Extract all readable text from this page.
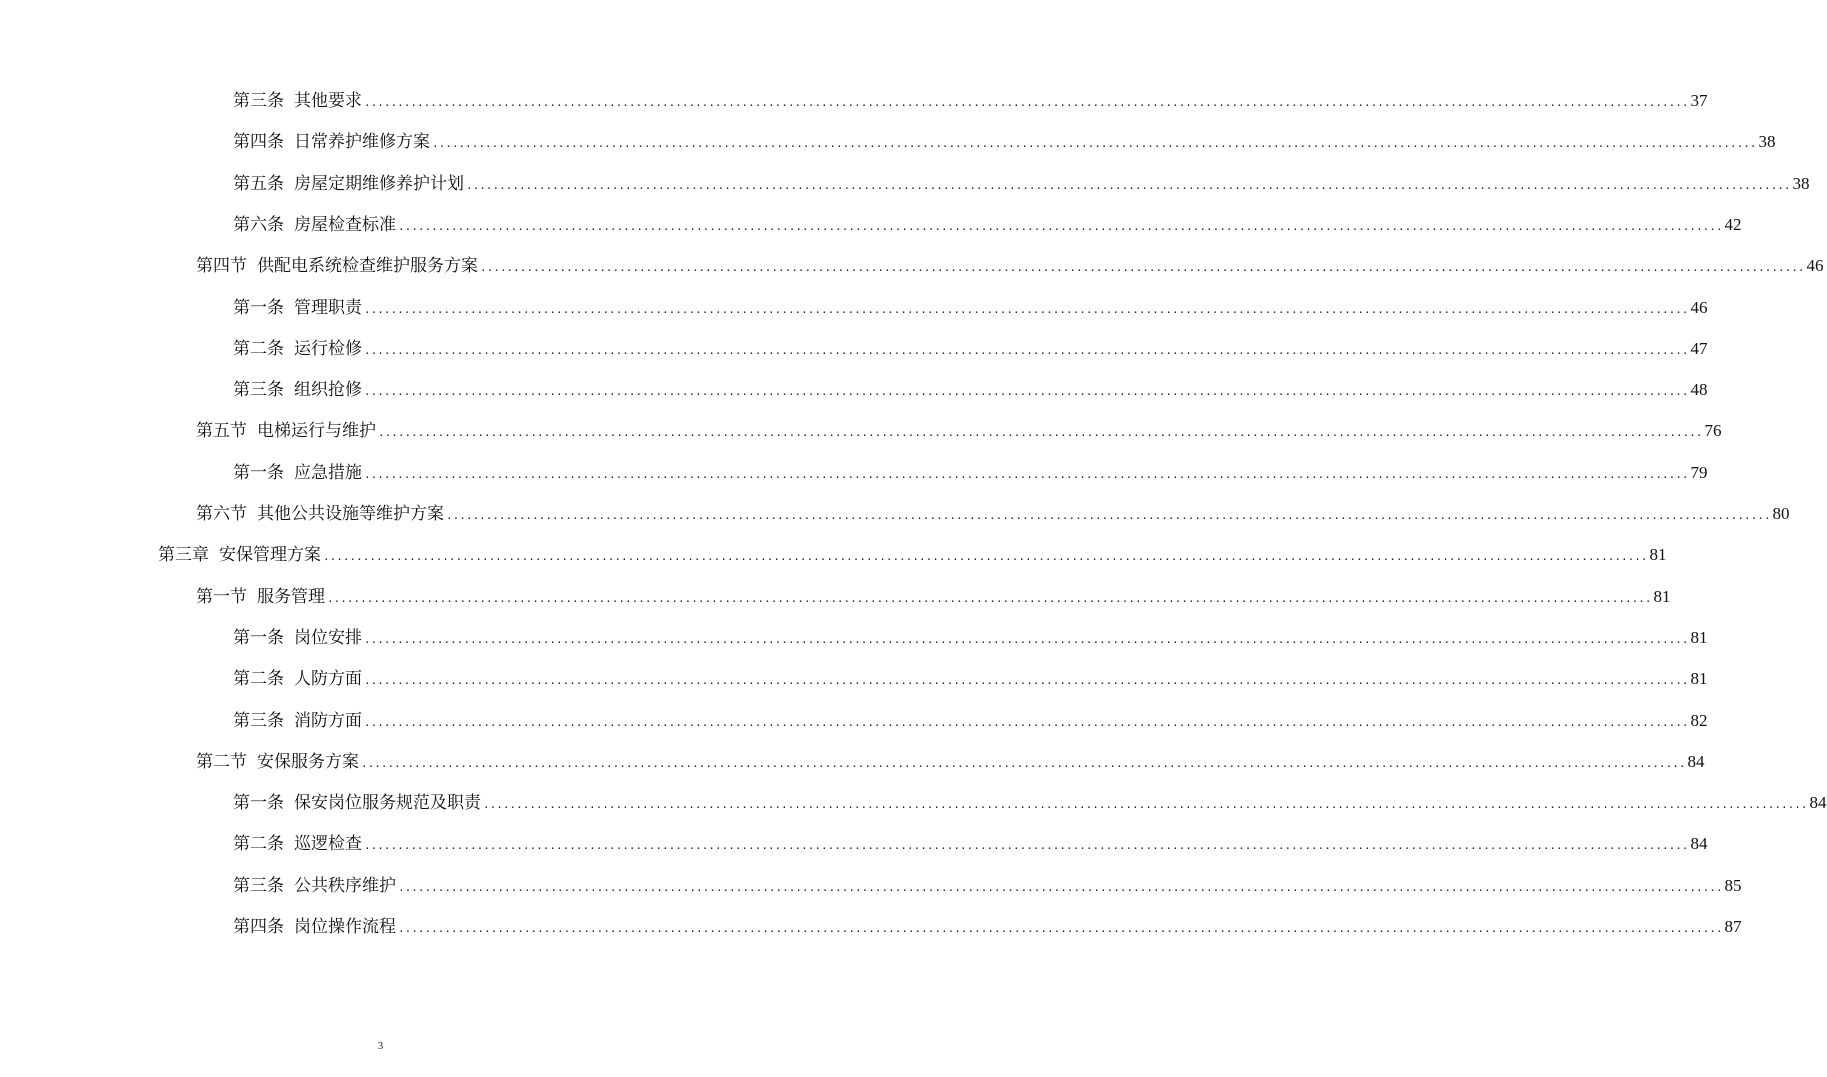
第三条 其他要求 ........................................................................................................................................................................................................ 37
第四条 日常养护维修方案 ........................................................................................................................................................................................................ 38
第五条 房屋定期维修养护计划 ........................................................................................................................................................................................................ 38
第六条 房屋检查标准 ........................................................................................................................................................................................................ 42
第四节 供配电系统检查维护服务方案 ........................................................................................................................................................................................................ 46
第一条 管理职责 ........................................................................................................................................................................................................ 46
第二条 运行检修 ........................................................................................................................................................................................................ 47
第三条 组织抢修 ........................................................................................................................................................................................................ 48
第五节 电梯运行与维护 ........................................................................................................................................................................................................ 76
第一条 应急措施 ........................................................................................................................................................................................................ 79
第六节 其他公共设施等维护方案 ........................................................................................................................................................................................................ 80
第三章 安保管理方案 ........................................................................................................................................................................................................ 81
第一节 服务管理 ........................................................................................................................................................................................................ 81
第一条 岗位安排 ........................................................................................................................................................................................................ 81
第二条 人防方面 ........................................................................................................................................................................................................ 81
第三条 消防方面 ........................................................................................................................................................................................................ 82
第二节 安保服务方案 ........................................................................................................................................................................................................ 84
第一条 保安岗位服务规范及职责 ........................................................................................................................................................................................................ 84
第二条 巡逻检查 ........................................................................................................................................................................................................ 84
第三条 公共秩序维护 ........................................................................................................................................................................................................ 85
第四条 岗位操作流程 ........................................................................................................................................................................................................ 87
3
